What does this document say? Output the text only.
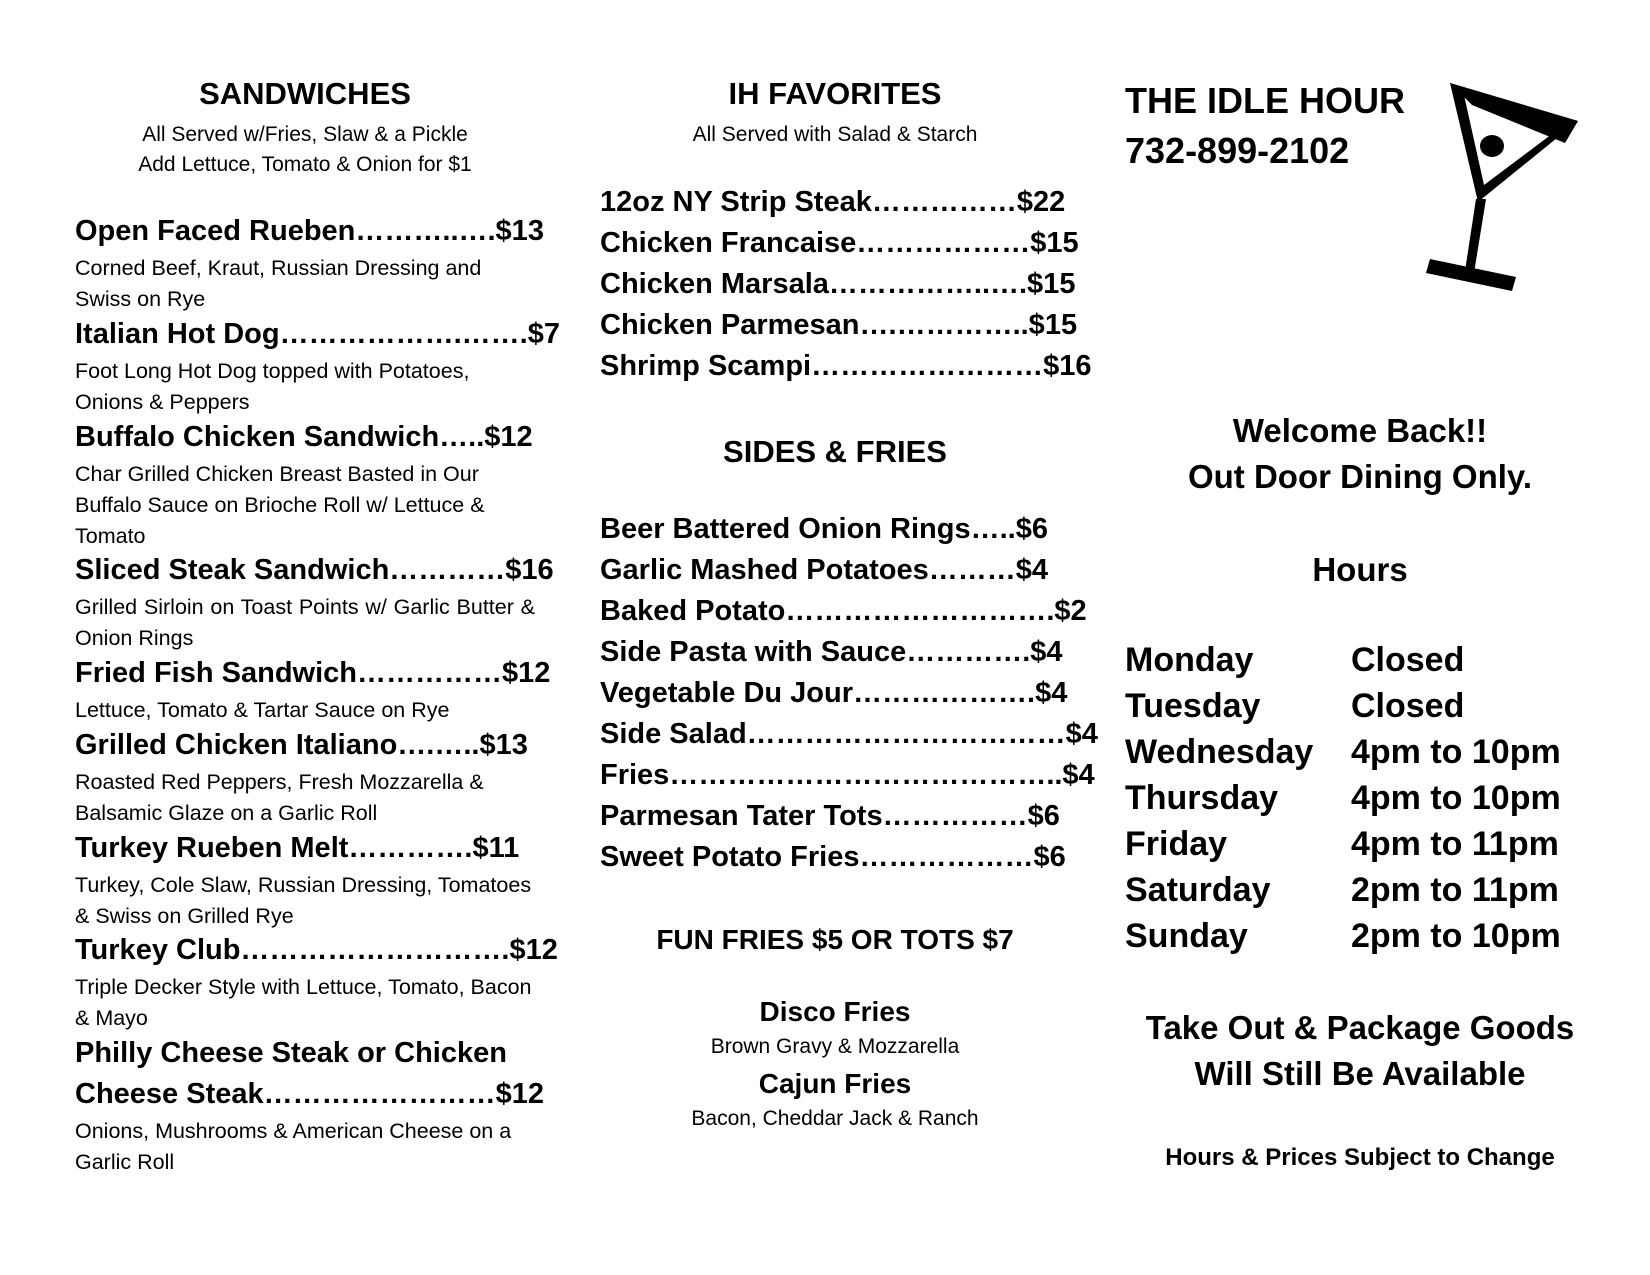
SANDWICHES
All Served w/Fries, Slaw & a Pickle
Add Lettuce, Tomato & Onion for $1
Open Faced Rueben………..….$13
Corned Beef, Kraut, Russian Dressing and Swiss on Rye
Italian Hot Dog……………….…….$7
Foot Long Hot Dog topped with Potatoes, Onions & Peppers
Buffalo Chicken Sandwich…..$12
Char Grilled Chicken Breast Basted in Our Buffalo Sauce on Brioche Roll w/ Lettuce & Tomato
Sliced Steak Sandwich…………$16
Grilled Sirloin on Toast Points w/ Garlic Butter & Onion Rings
Fried Fish Sandwich……………$12
Lettuce, Tomato & Tartar Sauce on Rye
Grilled Chicken Italiano….…..$13
Roasted Red Peppers, Fresh Mozzarella & Balsamic Glaze on a Garlic Roll
Turkey Rueben Melt………….$11
Turkey, Cole Slaw, Russian Dressing, Tomatoes & Swiss on Grilled Rye
Turkey Club……………………….$12
Triple Decker Style with Lettuce, Tomato, Bacon & Mayo
Philly Cheese Steak or Chicken
Cheese Steak……………………$12
Onions, Mushrooms & American Cheese on a Garlic Roll
IH FAVORITES
All Served with Salad & Starch
12oz NY Strip Steak……………$22
Chicken Francaise………………$15
Chicken Marsala……………..….$15
Chicken Parmesan….…………..$15
Shrimp Scampi……………………$16
SIDES & FRIES
Beer Battered Onion Rings…..$6
Garlic Mashed Potatoes………$4
Baked Potato……………………….$2
Side Pasta with Sauce………….$4
Vegetable Du Jour……………….$4
Side Salad……………………………$4
Fries…………………………………..$4
Parmesan Tater Tots……………$6
Sweet Potato Fries………………$6
FUN FRIES $5 OR TOTS $7
Disco Fries
Brown Gravy & Mozzarella
Cajun Fries
Bacon, Cheddar Jack & Ranch
THE IDLE HOUR
732-899-2102
Welcome Back!!
Out Door Dining Only.
Hours
Monday	Closed
Tuesday	Closed
Wednesday 4pm to 10pm
Thursday 4pm to 10pm
Friday	4pm to 11pm
Saturday 2pm to 11pm
Sunday	2pm to 10pm
Take Out & Package Goods
Will Still Be Available
Hours & Prices Subject to Change
